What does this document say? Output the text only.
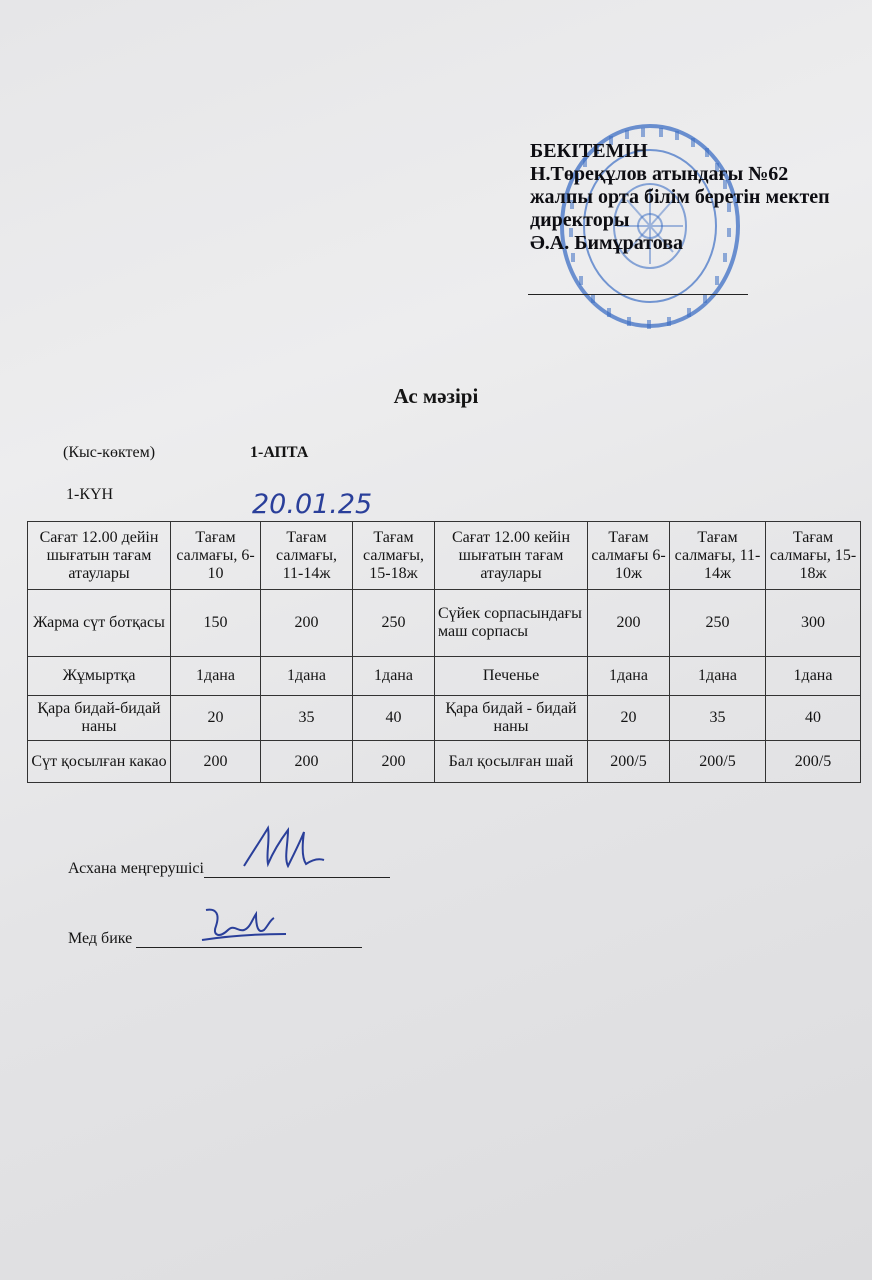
БЕКІТЕМІН
Н.Төреқұлов атындағы №62
жалпы орта білім беретін мектеп
директоры
Ә.А. Бимұратова
Ас мәзірі
(Кыс-көктем)	1-АПТА
1-КҮН	20.01.25
Сағат 12.00 дейін шығатын тағам атаулары	Тағам салмағы, 6-10	Тағам салмағы, 11-14ж	Тағам салмағы, 15-18ж	Сағат 12.00 кейін шығатын тағам атаулары	Тағам салмағы 6-10ж	Тағам салмағы, 11-14ж	Тағам салмағы, 15-18ж
Жарма сүт ботқасы	150	200	250	Сүйек сорпасындағы маш сорпасы	200	250	300
Жұмыртқа	1дана	1дана	1дана	Печенье	1дана	1дана	1дана
Қара бидай-бидай наны	20	35	40	Қара бидай - бидай наны	20	35	40
Сүт қосылған какао	200	200	200	Бал қосылған шай	200/5	200/5	200/5
Асхана меңгерушісі
Мед бике
